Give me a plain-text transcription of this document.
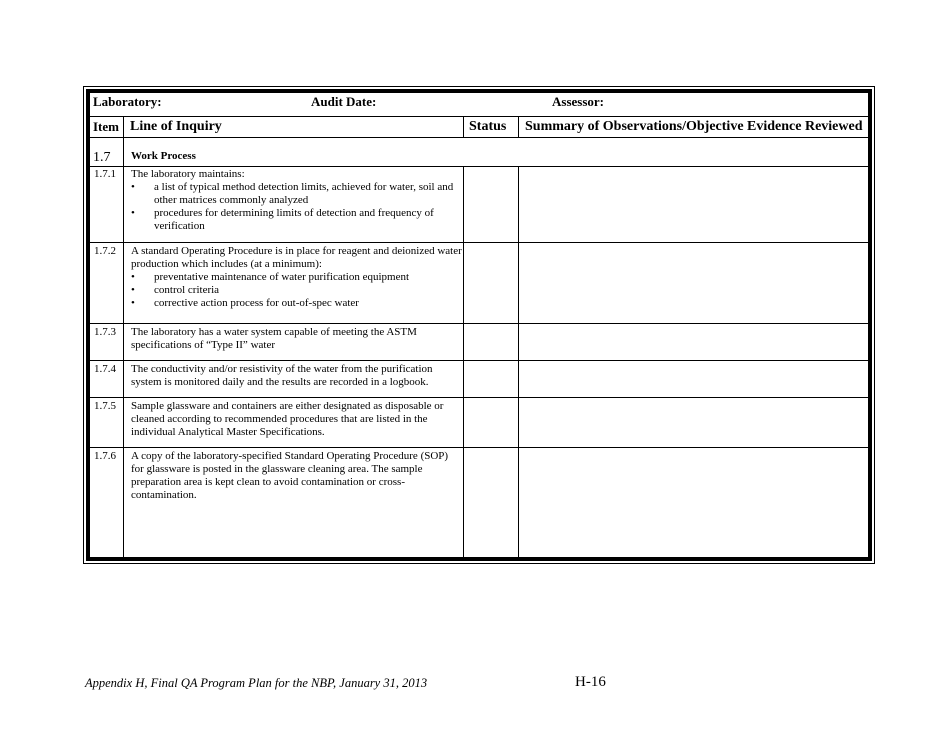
Laboratory:	Audit Date:	Assessor:
Item Line of Inquiry	Status Summary of Observations/Objective Evidence Reviewed
1.7 Work Process
1.7.1 The laboratory maintains:

• a list of typical method detection limits, achieved for water, soil and
other matrices commonly analyzed
• procedures for determining limits of detection and frequency of
verification
1.7.2 A standard Operating Procedure is in place for reagent and deionized water

production which includes (at a minimum):

• preventative maintenance of water purification equipment
• control criteria
• corrective action process for out-of-spec water
1.7.3 The laboratory has a water system capable of meeting the ASTM

specifications of “Type II” water

1.7.4 The conductivity and/or resistivity of the water from the purification

system is monitored daily and the results are recorded in a logbook.

1.7.5 Sample glassware and containers are either designated as disposable or

cleaned according to recommended procedures that are listed in the

individual Analytical Master Specifications.

1.7.6 A copy of the laboratory-specified Standard Operating Procedure (SOP)

for glassware is posted in the glassware cleaning area. The sample

preparation area is kept clean to avoid contamination or cross-

contamination.

Appendix H, Final QA Program Plan for the NBP, January 31, 2013	H-16
